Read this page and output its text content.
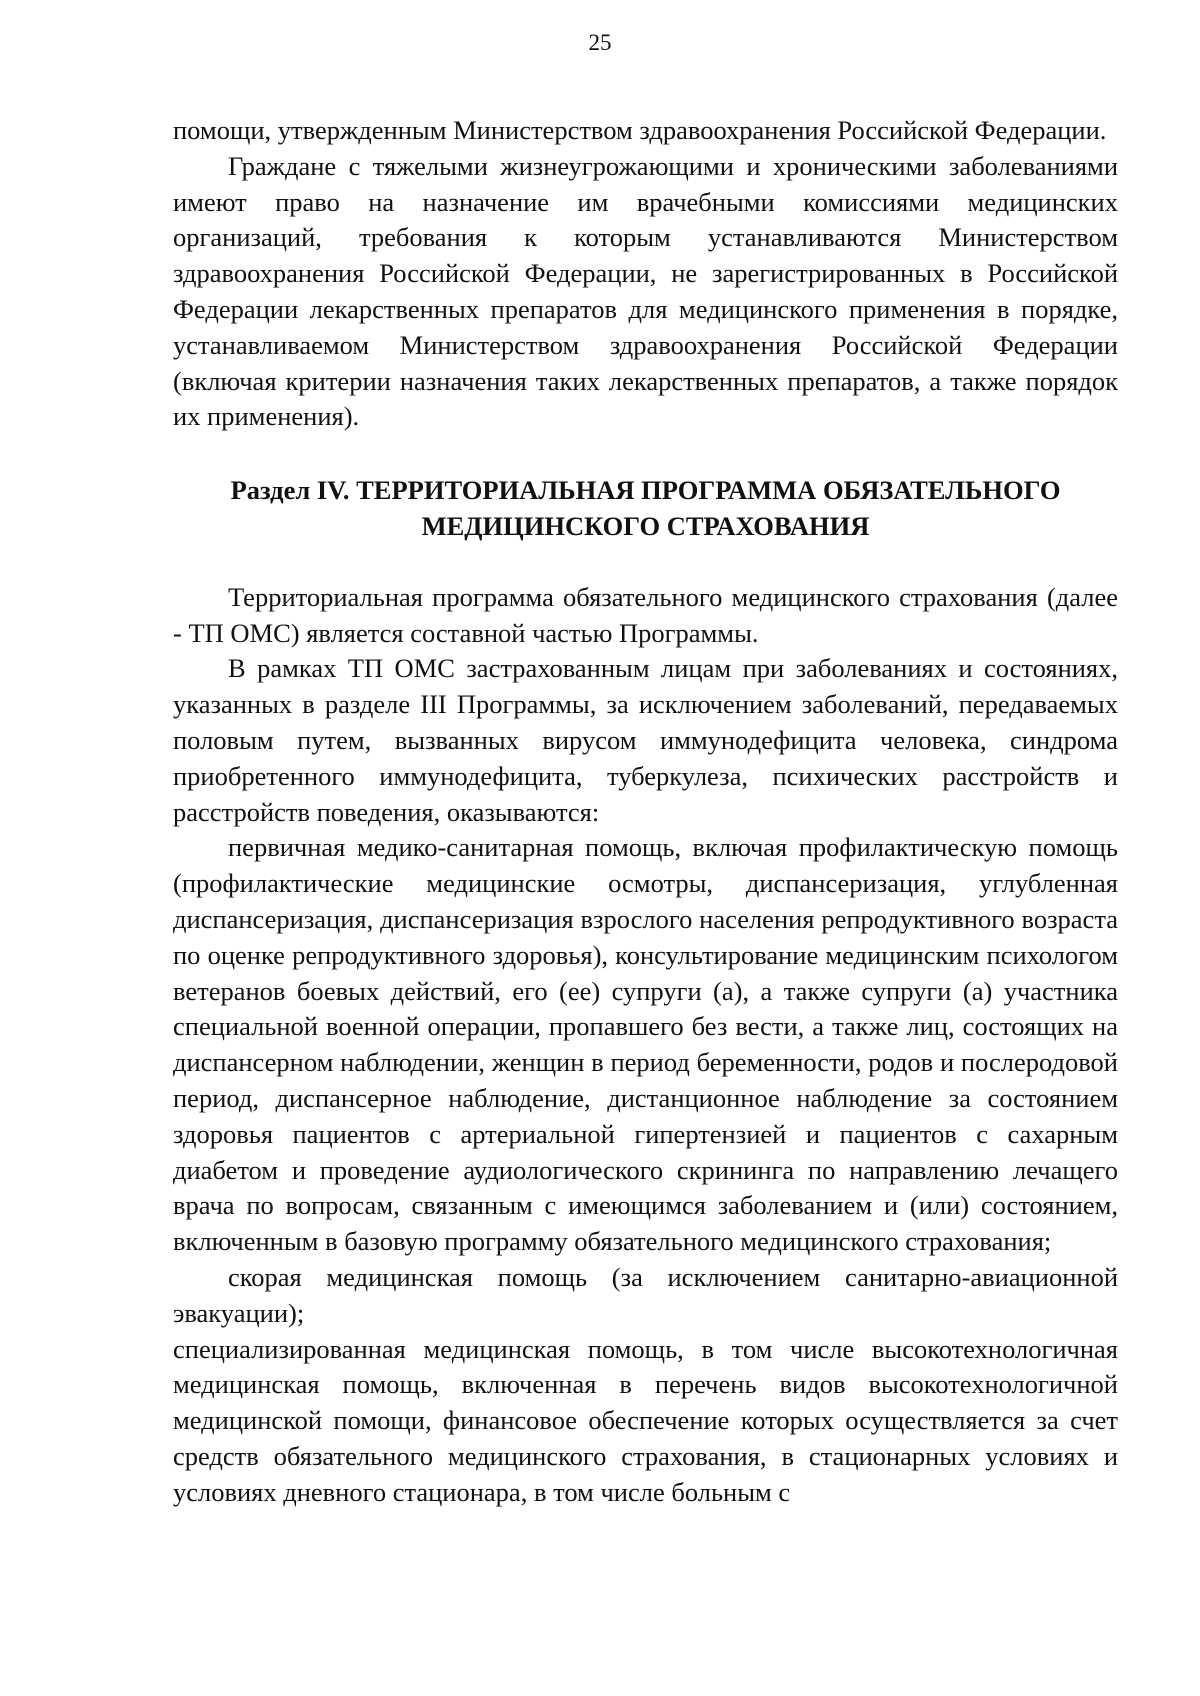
25

помощи, утвержденным Министерством здравоохранения Российской Федерации.

Граждане с тяжелыми жизнеугрожающими и хроническими заболеваниями имеют право на назначение им врачебными комиссиями медицинских организаций, требования к которым устанавливаются Министерством здравоохранения Российской Федерации, не зарегистрированных в Российской Федерации лекарственных препаратов для медицинского применения в порядке, устанавливаемом Министерством здравоохранения Российской Федерации (включая критерии назначения таких лекарственных препаратов, а также порядок их применения).

Раздел IV. ТЕРРИТОРИАЛЬНАЯ ПРОГРАММА ОБЯЗАТЕЛЬНОГО
МЕДИЦИНСКОГО СТРАХОВАНИЯ

Территориальная программа обязательного медицинского страхования (далее - ТП ОМС) является составной частью Программы.

В рамках ТП ОМС застрахованным лицам при заболеваниях и состояниях, указанных в разделе III Программы, за исключением заболеваний, передаваемых половым путем, вызванных вирусом иммунодефицита человека, синдрома приобретенного иммунодефицита, туберкулеза, психических расстройств и расстройств поведения, оказываются:

первичная медико-санитарная помощь, включая профилактическую помощь (профилактические медицинские осмотры, диспансеризация, углубленная диспансеризация, диспансеризация взрослого населения репродуктивного возраста по оценке репродуктивного здоровья), консультирование медицинским психологом ветеранов боевых действий, его (ее) супруги (а), а также супруги (а) участника специальной военной операции, пропавшего без вести, а также лиц, состоящих на диспансерном наблюдении, женщин в период беременности, родов и послеродовой период, диспансерное наблюдение, дистанционное наблюдение за состоянием здоровья пациентов с артериальной гипертензией и пациентов с сахарным диабетом и проведение аудиологического скрининга по направлению лечащего врача по вопросам, связанным с имеющимся заболеванием и (или) состоянием, включенным в базовую программу обязательного медицинского страхования;

скорая медицинская помощь (за исключением санитарно-авиационной эвакуации);

специализированная медицинская помощь, в том числе высокотехнологичная медицинская помощь, включенная в перечень видов высокотехнологичной медицинской помощи, финансовое обеспечение которых осуществляется за счет средств обязательного медицинского страхования, в стационарных условиях и условиях дневного стационара, в том числе больным с
